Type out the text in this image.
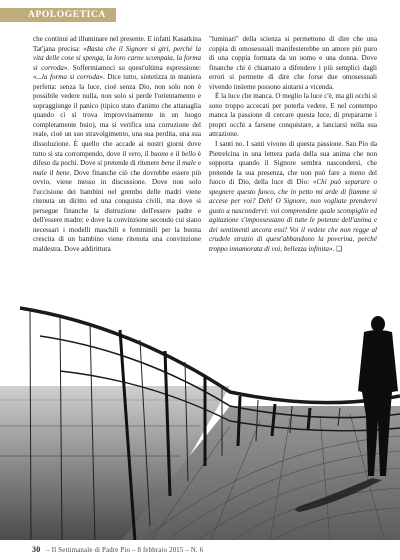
APOLOGETICA

che continui ad illuminare nel presente. E infatti Kasatkina Tat'jana precisa: «Basta che il Signore si giri, perché la vita delle cose si spenga, la loro carne scompaia, la forma si corroda». Soffermiamoci su quest'ultima espressione: «...la forma si corroda». Dice tutto, sintetizza in maniera perfetta: senza la luce, cioè senza Dio, non solo non è possibile vedere nulla, non solo si perde l'orientamento e sopraggiunge il panico (tipico stato d'animo che attanaglia quando ci si trova improvvisamente in un luogo completamente buio), ma si verifica una corruzione del reale, cioè un suo stravolgimento, una sua perdita, una sua dissoluzione. È quello che accade ai nostri giorni dove tutto si sta corrompendo, dove il vero, il buono e il bello è difeso da pochi. Dove si pretende di ritenere bene il male e male il bene. Dove finanche ciò che dovrebbe essere più ovvio, viene messo in discussione. Dove non solo l'uccisione dei bambini nel grembo delle madri viene ritenuta un diritto ed una conquista civili, ma dove si persegue finanche la distruzione dell'essere padre e dell'essere madre; e dove la convinzione secondo cui siano necessari i modelli maschili e femminili per la buona crescita di un bambino viene ritenuta una convinzione maldestra. Dove addirittura

"luminari" della scienza si permettono di dire che una coppia di omosessuali manifesterebbe un amore più puro di una coppia formata da un uomo e una donna. Dove finanche chi è chiamato a difendere i più semplici dagli errori si permette di dire che forse due omosessuali vivendo insieme possono aiutarsi a vicenda.

È la luce che manca. O meglio la luce c'è, ma gli occhi si sono troppo accecati per poterla vedere. E nel contempo manca la passione di cercare questa luce, di prepararne i propri occhi a farsene conquistare, a lanciarsi nella sua attrazione.

I santi no. I santi vivono di questa passione. San Pio da Pietrelcina in una lettera parla della sua anima che non sopporta quando il Signore sembra nascondersi, che pretende la sua presenza, che non può fare a meno del fuoco di Dio, della luce di Dio: «Chi può separare o spegnere questo fuoco, che in petto mi arde di fiamme sì accese per voi? Deh! O Signore, non vogliate prendervi gusto a nascondervi: voi comprendete quale scompiglio ed agitazione s'impossessano di tutte le potenze dell'anima e dei sentimenti ancora essi! Voi il vedete che non regge al crudele strazio di quest'abbandono la poverina, perché troppo innamorata di voi, bellezza infinita». ❑

30 – Il Settimanale di Padre Pio – 8 febbraio 2015 – N. 6
